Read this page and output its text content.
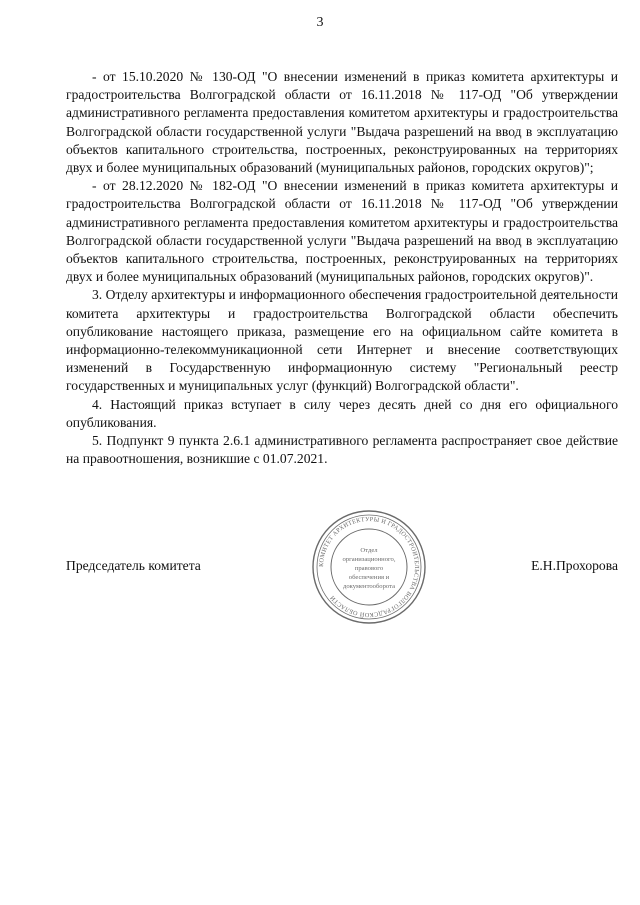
3

- от 15.10.2020 № 130-ОД "О внесении изменений в приказ комитета архитектуры и градостроительства Волгоградской области от 16.11.2018 № 117-ОД "Об утверждении административного регламента предоставления комитетом архитектуры и градостроительства Волгоградской области государственной услуги "Выдача разрешений на ввод в эксплуатацию объектов капитального строительства, построенных, реконструированных на территориях двух и более муниципальных образований (муниципальных районов, городских округов)";

- от 28.12.2020 № 182-ОД "О внесении изменений в приказ комитета архитектуры и градостроительства Волгоградской области от 16.11.2018 № 117-ОД "Об утверждении административного регламента предоставления комитетом архитектуры и градостроительства Волгоградской области государственной услуги "Выдача разрешений на ввод в эксплуатацию объектов капитального строительства, построенных, реконструированных на территориях двух и более муниципальных образований (муниципальных районов, городских округов)".

3. Отделу архитектуры и информационного обеспечения градостроительной деятельности комитета архитектуры и градостроительства Волгоградской области обеспечить опубликование настоящего приказа, размещение его на официальном сайте комитета в информационно-телекоммуникационной сети Интернет и внесение соответствующих изменений в Государственную информационную систему "Региональный реестр государственных и муниципальных услуг (функций) Волгоградской области".

4. Настоящий приказ вступает в силу через десять дней со дня его официального опубликования.

5. Подпункт 9 пункта 2.6.1 административного регламента распространяет свое действие на правоотношения, возникшие с 01.07.2021.

Председатель комитета	Е.Н.Прохорова
КОМИТЕТ АРХИТЕКТУРЫ И ГРАДОСТРОИТЕЛЬСТВА ВОЛГОГРАДСКОЙ ОБЛАСТИ
Отдел
организационного,
правового
обеспечения и
документооборота
